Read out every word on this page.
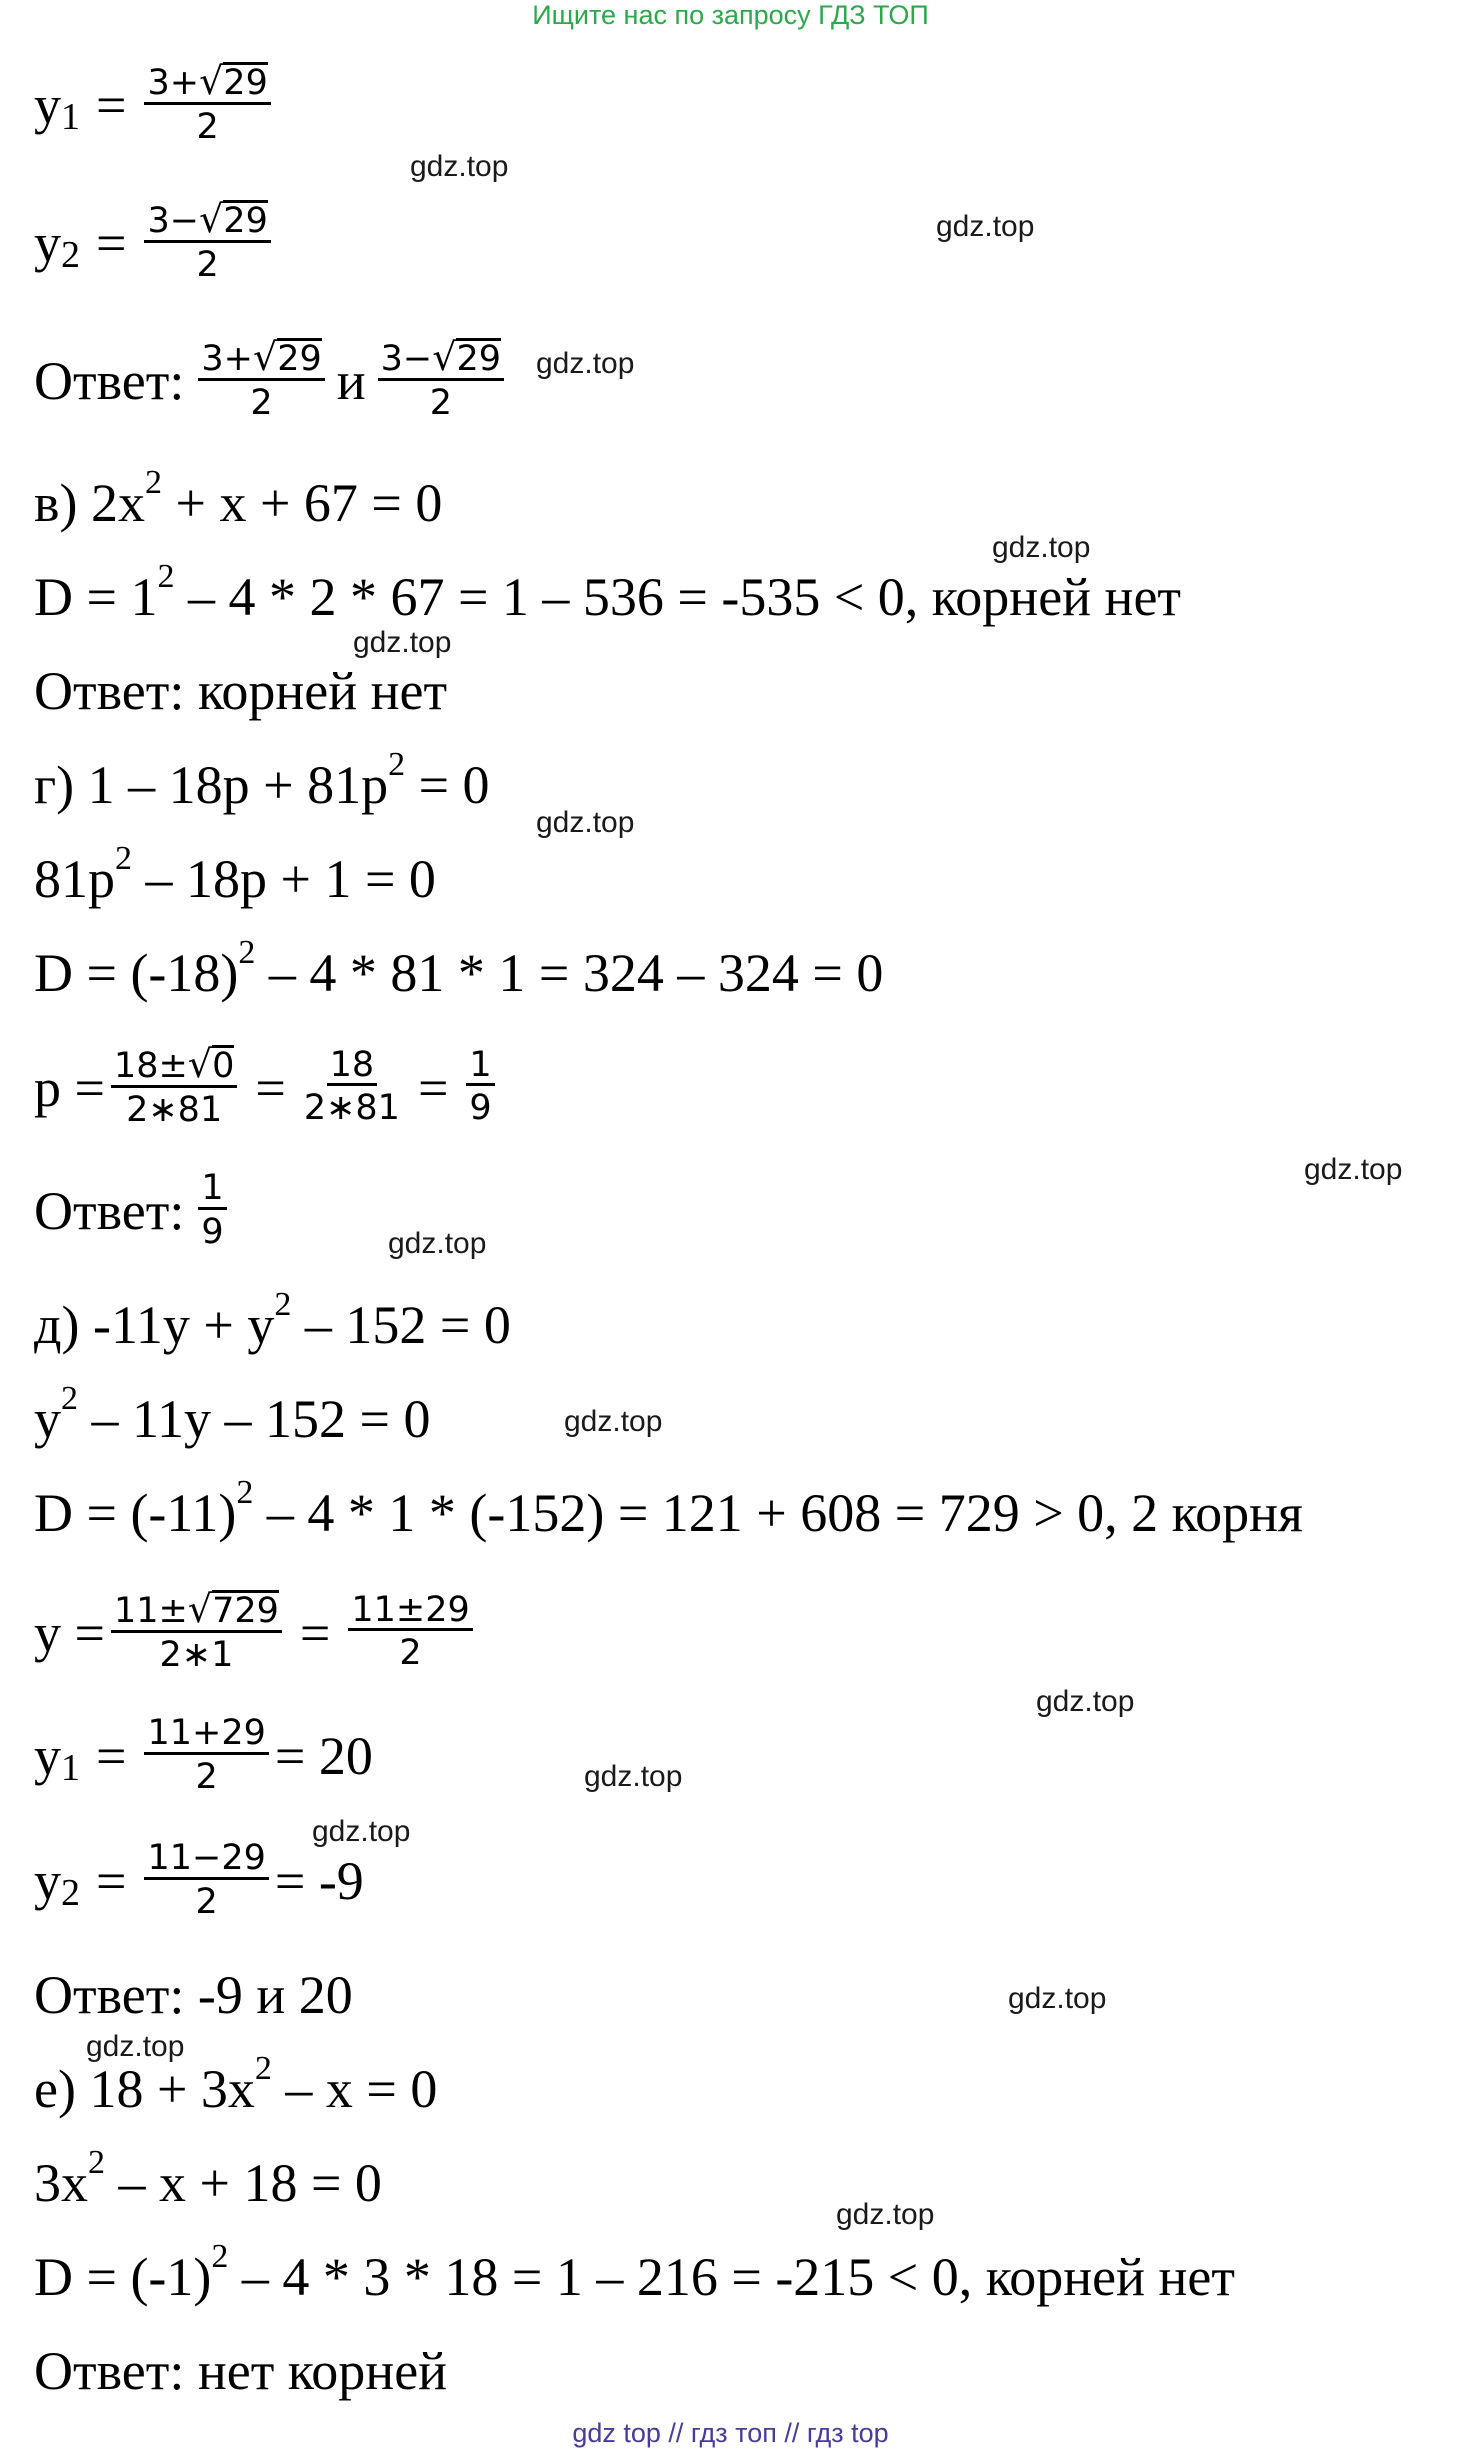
Ищите нас по запросу ГДЗ ТОП
y $1 = \frac{3+ √ 29}{2}$
y $2 = \frac{3- √ 29}{2}$
Ответ: $\frac{3+ √ 29}{2}$ и $\frac{3- √ 29}{2}$
в) 2x 2 + x + 67 = 0
D = 1 2 – 4 * 2 * 67 = 1 – 536 = -535 < 0, корней нет
Ответ: корней нет
г) 1 – 18p + 81p 2 = 0
81p 2 – 18p + 1 = 0
D = (-18) 2 – 4 * 81 * 1 = 324 – 324 = 0
$p = \frac{18\pm √ 0}{2∗81} = \frac{18}{2∗81} = \frac{1}{9}$
Ответ: $\frac{1}{9}$
д) -11y + y 2 – 152 = 0
y 2 – 11y – 152 = 0
D = (-11) 2 – 4 * 1 * (-152) = 121 + 608 = 729 > 0, 2 корня
$y = \frac{11\pm √ 729}{2∗1} = \frac{11\pm 29}{2}$
y $1 = \frac{11+29}{2} = 20$
y $2 = \frac{11-29}{2} = -9$
Ответ: -9 и 20
е) 18 + 3x 2 – x = 0
3x 2 – x + 18 = 0
D = (-1) 2 – 4 * 3 * 18 = 1 – 216 = -215 < 0, корней нет
Ответ: нет корней
gdz.top
gdz.top
gdz.top
gdz.top
gdz.top
gdz.top
gdz.top
gdz.top
gdz.top
gdz.top
gdz.top
gdz.top
gdz.top
gdz.top
gdz.top
gdz top // гдз топ // гдз top
